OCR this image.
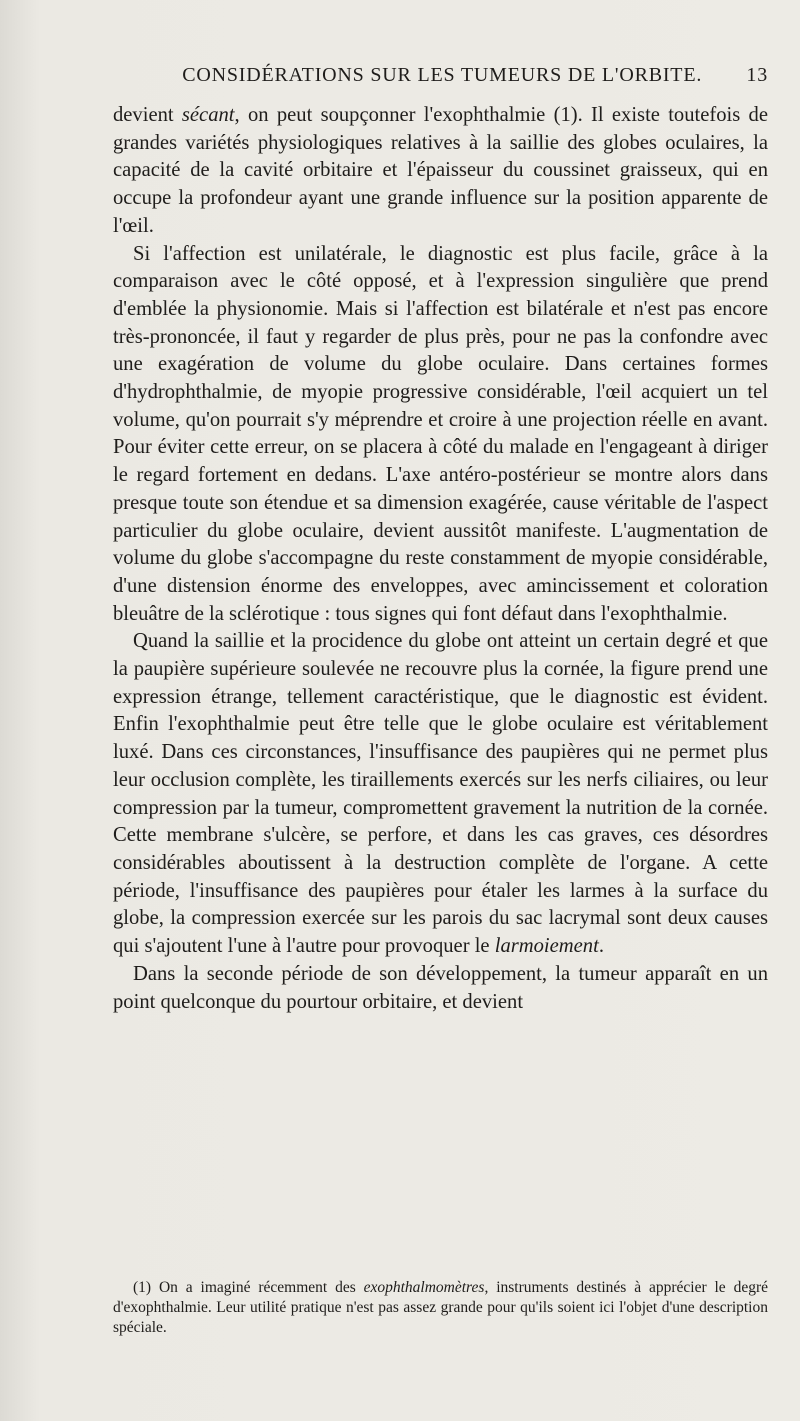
CONSIDÉRATIONS SUR LES TUMEURS DE L'ORBITE.	13

devient sécant, on peut soupçonner l'exophthalmie (1). Il existe toutefois de grandes variétés physiologiques relatives à la saillie des globes oculaires, la capacité de la cavité orbitaire et l'épaisseur du coussinet graisseux, qui en occupe la profondeur ayant une grande influence sur la position apparente de l'œil.

Si l'affection est unilatérale, le diagnostic est plus facile, grâce à la comparaison avec le côté opposé, et à l'expression singulière que prend d'emblée la physionomie. Mais si l'affection est bilatérale et n'est pas encore très-prononcée, il faut y regarder de plus près, pour ne pas la confondre avec une exagération de volume du globe oculaire. Dans certaines formes d'hydrophthalmie, de myopie progressive considérable, l'œil acquiert un tel volume, qu'on pourrait s'y méprendre et croire à une projection réelle en avant. Pour éviter cette erreur, on se placera à côté du malade en l'engageant à diriger le regard fortement en dedans. L'axe antéro-postérieur se montre alors dans presque toute son étendue et sa dimension exagérée, cause véritable de l'aspect particulier du globe oculaire, devient aussitôt manifeste. L'augmentation de volume du globe s'accompagne du reste constamment de myopie considérable, d'une distension énorme des enveloppes, avec amincissement et coloration bleuâtre de la sclérotique : tous signes qui font défaut dans l'exophthalmie.

Quand la saillie et la procidence du globe ont atteint un certain degré et que la paupière supérieure soulevée ne recouvre plus la cornée, la figure prend une expression étrange, tellement caractéristique, que le diagnostic est évident. Enfin l'exophthalmie peut être telle que le globe oculaire est véritablement luxé. Dans ces circonstances, l'insuffisance des paupières qui ne permet plus leur occlusion complète, les tiraillements exercés sur les nerfs ciliaires, ou leur compression par la tumeur, compromettent gravement la nutrition de la cornée. Cette membrane s'ulcère, se perfore, et dans les cas graves, ces désordres considérables aboutissent à la destruction complète de l'organe. A cette période, l'insuffisance des paupières pour étaler les larmes à la surface du globe, la compression exercée sur les parois du sac lacrymal sont deux causes qui s'ajoutent l'une à l'autre pour provoquer le larmoiement.

Dans la seconde période de son développement, la tumeur apparaît en un point quelconque du pourtour orbitaire, et devient

(1) On a imaginé récemment des exophthalmomètres, instruments destinés à apprécier le degré d'exophthalmie. Leur utilité pratique n'est pas assez grande pour qu'ils soient ici l'objet d'une description spéciale.
